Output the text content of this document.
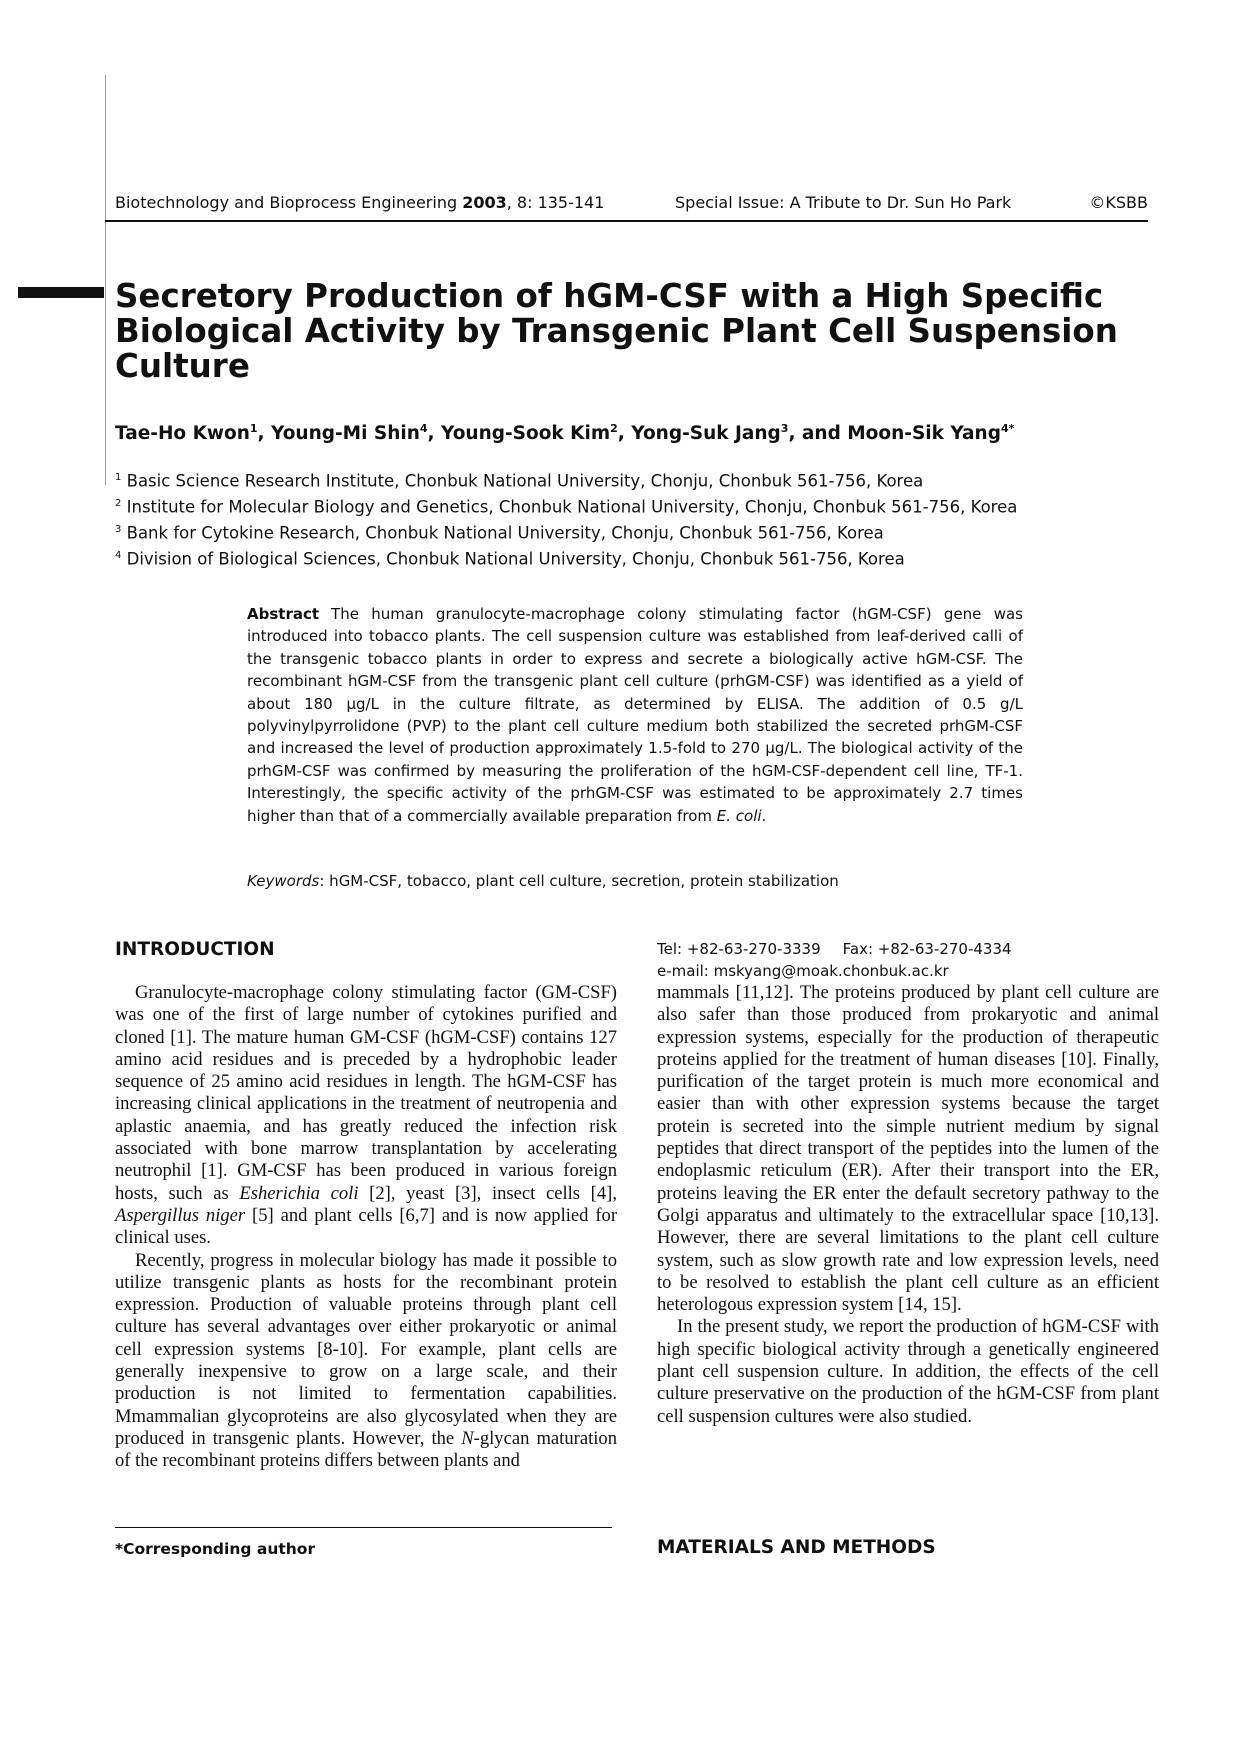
Biotechnology and Bioprocess Engineering 2003, 8: 135-141	Special Issue: A Tribute to Dr. Sun Ho Park	©KSBB
Secretory Production of hGM-CSF with a High Specific
Biological Activity by Transgenic Plant Cell Suspension
Culture
Tae-Ho Kwon$^1$, Young-Mi Shin$^4$, Young-Sook Kim$^2$, Yong-Suk Jang$^3$, and Moon-Sik Yang$^{4*}$
$^1$ Basic Science Research Institute, Chonbuk National University, Chonju, Chonbuk 561-756, Korea
$^2$ Institute for Molecular Biology and Genetics, Chonbuk National University, Chonju, Chonbuk 561-756, Korea
$^3$ Bank for Cytokine Research, Chonbuk National University, Chonju, Chonbuk 561-756, Korea
$^4$ Division of Biological Sciences, Chonbuk National University, Chonju, Chonbuk 561-756, Korea
Abstract The human granulocyte-macrophage colony stimulating factor (hGM-CSF) gene was introduced into tobacco plants. The cell suspension culture was established from leaf-derived calli of the transgenic tobacco plants in order to express and secrete a biologically active hGM-CSF. The recombinant hGM-CSF from the transgenic plant cell culture (prhGM-CSF) was identified as a yield of about 180 μg/L in the culture filtrate, as determined by ELISA. The addition of 0.5 g/L polyvinylpyrrolidone (PVP) to the plant cell culture medium both stabilized the secreted prhGM-CSF and increased the level of production approximately 1.5-fold to 270 μg/L. The biological activity of the prhGM-CSF was confirmed by measuring the proliferation of the hGM-CSF-dependent cell line, TF-1. Interestingly, the specific activity of the prhGM-CSF was estimated to be approximately 2.7 times higher than that of a commercially available preparation from E. coli.
Keywords: hGM-CSF, tobacco, plant cell culture, secretion, protein stabilization
INTRODUCTION

Granulocyte-macrophage colony stimulating factor (GM-CSF) was one of the first of large number of cytokines purified and cloned [1]. The mature human GM-CSF (hGM-CSF) contains 127 amino acid residues and is preceded by a hydrophobic leader sequence of 25 amino acid residues in length. The hGM-CSF has increasing clinical applications in the treatment of neutropenia and aplastic anaemia, and has greatly reduced the infection risk associated with bone marrow transplantation by accelerating neutrophil [1]. GM-CSF has been produced in various foreign hosts, such as Esherichia coli [2], yeast [3], insect cells [4], Aspergillus niger [5] and plant cells [6,7] and is now applied for clinical uses.

Recently, progress in molecular biology has made it possible to utilize transgenic plants as hosts for the recombinant protein expression. Production of valuable proteins through plant cell culture has several advantages over either prokaryotic or animal cell expression systems [8-10]. For example, plant cells are generally inexpensive to grow on a large scale, and their production is not limited to fermentation capabilities. Mmammalian glycoproteins are also glycosylated when they are produced in transgenic plants. However, the N-glycan maturation of the recombinant proteins differs between plants and

Tel: +82-63-270-3339 Fax: +82-63-270-4334
e-mail: mskyang@moak.chonbuk.ac.kr

mammals [11,12]. The proteins produced by plant cell culture are also safer than those produced from prokaryotic and animal expression systems, especially for the production of therapeutic proteins applied for the treatment of human diseases [10]. Finally, purification of the target protein is much more economical and easier than with other expression systems because the target protein is secreted into the simple nutrient medium by signal peptides that direct transport of the peptides into the lumen of the endoplasmic reticulum (ER). After their transport into the ER, proteins leaving the ER enter the default secretory pathway to the Golgi apparatus and ultimately to the extracellular space [10,13]. However, there are several limitations to the plant cell culture system, such as slow growth rate and low expression levels, need to be resolved to establish the plant cell culture as an efficient heterologous expression system [14, 15].

In the present study, we report the production of hGM-CSF with high specific biological activity through a genetically engineered plant cell suspension culture. In addition, the effects of the cell culture preservative on the production of the hGM-CSF from plant cell suspension cultures were also studied.

*Corresponding author	MATERIALS AND METHODS
